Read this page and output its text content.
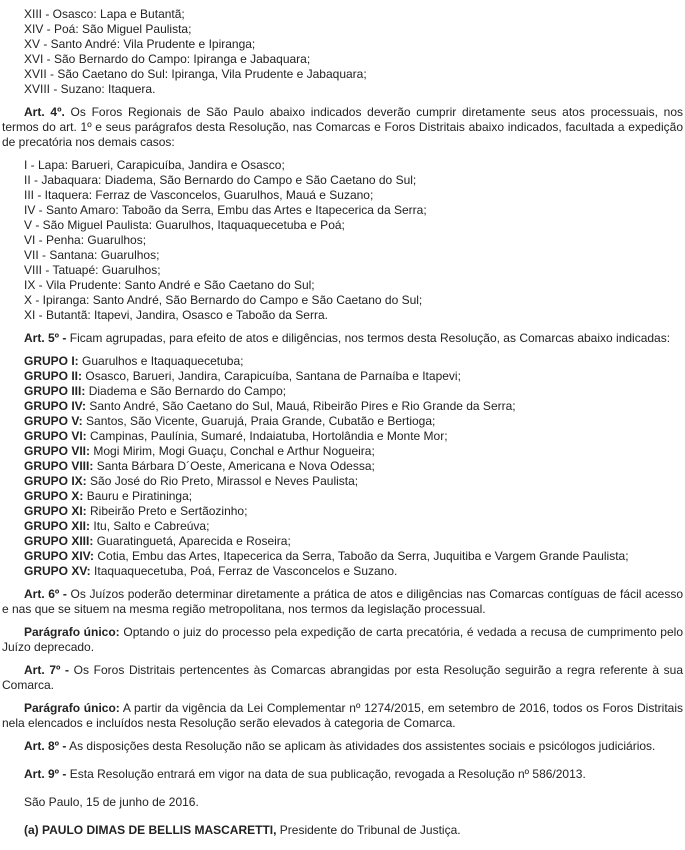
XIII - Osasco: Lapa e Butantã;
XIV - Poá: São Miguel Paulista;
XV - Santo André: Vila Prudente e Ipiranga;
XVI - São Bernardo do Campo: Ipiranga e Jabaquara;
XVII - São Caetano do Sul: Ipiranga, Vila Prudente e Jabaquara;
XVIII - Suzano: Itaquera.

Art. 4º. Os Foros Regionais de São Paulo abaixo indicados deverão cumprir diretamente seus atos processuais, nos termos do art. 1º e seus parágrafos desta Resolução, nas Comarcas e Foros Distritais abaixo indicados, facultada a expedição de precatória nos demais casos:

I - Lapa: Barueri, Carapicuíba, Jandira e Osasco;
II - Jabaquara: Diadema, São Bernardo do Campo e São Caetano do Sul;
III - Itaquera: Ferraz de Vasconcelos, Guarulhos, Mauá e Suzano;
IV - Santo Amaro: Taboão da Serra, Embu das Artes e Itapecerica da Serra;
V - São Miguel Paulista: Guarulhos, Itaquaquecetuba e Poá;
VI - Penha: Guarulhos;
VII - Santana: Guarulhos;
VIII - Tatuapé: Guarulhos;
IX - Vila Prudente: Santo André e São Caetano do Sul;
X - Ipiranga: Santo André, São Bernardo do Campo e São Caetano do Sul;
XI - Butantã: Itapevi, Jandira, Osasco e Taboão da Serra.

Art. 5º - Ficam agrupadas, para efeito de atos e diligências, nos termos desta Resolução, as Comarcas abaixo indicadas:

GRUPO I: Guarulhos e Itaquaquecetuba;
GRUPO II: Osasco, Barueri, Jandira, Carapicuíba, Santana de Parnaíba e Itapevi;
GRUPO III: Diadema e São Bernardo do Campo;
GRUPO IV: Santo André, São Caetano do Sul, Mauá, Ribeirão Pires e Rio Grande da Serra;
GRUPO V: Santos, São Vicente, Guarujá, Praia Grande, Cubatão e Bertioga;
GRUPO VI: Campinas, Paulínia, Sumaré, Indaiatuba, Hortolândia e Monte Mor;
GRUPO VII: Mogi Mirim, Mogi Guaçu, Conchal e Arthur Nogueira;
GRUPO VIII: Santa Bárbara D´Oeste, Americana e Nova Odessa;
GRUPO IX: São José do Rio Preto, Mirassol e Neves Paulista;
GRUPO X: Bauru e Piratininga;
GRUPO XI: Ribeirão Preto e Sertãozinho;
GRUPO XII: Itu, Salto e Cabreúva;
GRUPO XIII: Guaratinguetá, Aparecida e Roseira;
GRUPO XIV: Cotia, Embu das Artes, Itapecerica da Serra, Taboão da Serra, Juquitiba e Vargem Grande Paulista;
GRUPO XV: Itaquaquecetuba, Poá, Ferraz de Vasconcelos e Suzano.

Art. 6º - Os Juízos poderão determinar diretamente a prática de atos e diligências nas Comarcas contíguas de fácil acesso e nas que se situem na mesma região metropolitana, nos termos da legislação processual.

Parágrafo único: Optando o juiz do processo pela expedição de carta precatória, é vedada a recusa de cumprimento pelo Juízo deprecado.

Art. 7º - Os Foros Distritais pertencentes às Comarcas abrangidas por esta Resolução seguirão a regra referente à sua Comarca.

Parágrafo único: A partir da vigência da Lei Complementar nº 1274/2015, em setembro de 2016, todos os Foros Distritais nela elencados e incluídos nesta Resolução serão elevados à categoria de Comarca.

Art. 8º - As disposições desta Resolução não se aplicam às atividades dos assistentes sociais e psicólogos judiciários.

Art. 9º - Esta Resolução entrará em vigor na data de sua publicação, revogada a Resolução nº 586/2013.

São Paulo, 15 de junho de 2016.

(a) PAULO DIMAS DE BELLIS MASCARETTI, Presidente do Tribunal de Justiça.
